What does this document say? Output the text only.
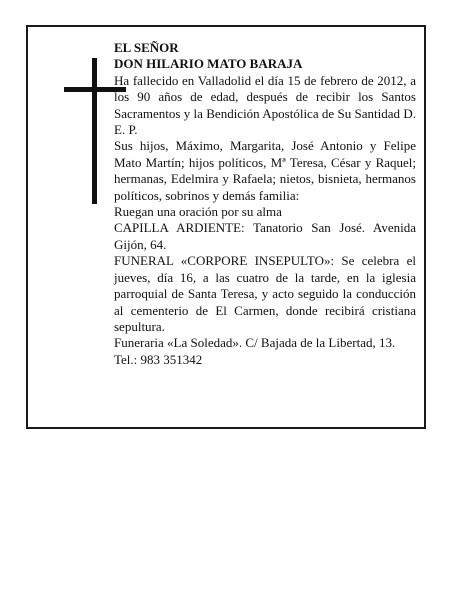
EL SEÑOR
DON HILARIO MATO BARAJA

Ha fallecido en Valladolid el día 15 de febrero de 2012, a los 90 años de edad, después de recibir los Santos Sacramentos y la Bendición Apostólica de Su Santidad D. E. P.

Sus hijos, Máximo, Margarita, José Antonio y Felipe Mato Martín; hijos políticos, Mª Teresa, César y Raquel; hermanas, Edelmira y Rafaela; nietos, bisnieta, hermanos políticos, sobrinos y demás familia:

Ruegan una oración por su alma

CAPILLA ARDIENTE: Tanatorio San José. Avenida Gijón, 64.

FUNERAL «CORPORE INSEPULTO»: Se celebra el jueves, día 16, a las cuatro de la tarde, en la iglesia parroquial de Santa Teresa, y acto seguido la conducción al cementerio de El Carmen, donde recibirá cristiana sepultura.

Funeraria «La Soledad». C/ Bajada de la Libertad, 13. Tel.: 983 351342
